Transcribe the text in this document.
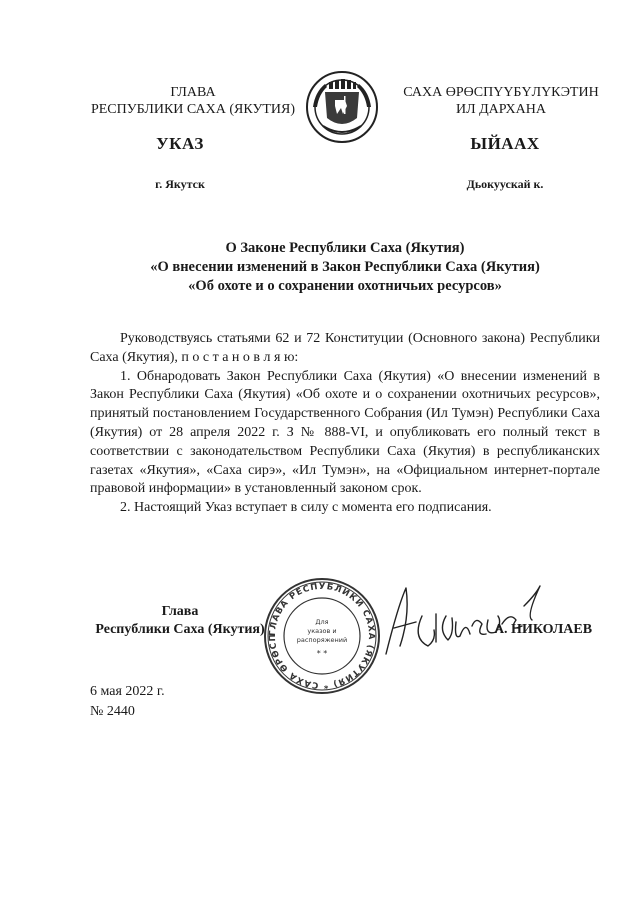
ГЛАВА
РЕСПУБЛИКИ САХА (ЯКУТИЯ)
САХА ӨРӨСПҮҮБҮЛҮКЭТИН
ИЛ ДАРХАНА
УКАЗ	ЫЙААХ
г. Якутск	Дьокуускай к.
О Законе Республики Саха (Якутия)
«О внесении изменений в Закон Республики Саха (Якутия)
«Об охоте и о сохранении охотничьих ресурсов»

Руководствуясь статьями 62 и 72 Конституции (Основного закона) Республики Саха (Якутия), п о с т а н о в л я ю:

1. Обнародовать Закон Республики Саха (Якутия) «О внесении изменений в Закон Республики Саха (Якутия) «Об охоте и о сохранении охотничьих ресурсов», принятый постановлением Государственного Собрания (Ил Тумэн) Республики Саха (Якутия) от 28 апреля 2022 г. З № 888-VI, и опубликовать его полный текст в соответствии с законодательством Республики Саха (Якутия) в республиканских газетах «Якутия», «Саха сирэ», «Ил Тумэн», на «Официальном интернет-портале правовой информации» в установленный законом срок.

2. Настоящий Указ вступает в силу с момента его подписания.

Глава
Республики Саха (Якутия) ГЛАВА РЕСПУБЛИКИ САХА (ЯКУТИЯ) * САХА ӨРӨСП
Для
указов и
распоряжений
* *
А. НИКОЛАЕВ
6 мая 2022 г.
№ 2440
